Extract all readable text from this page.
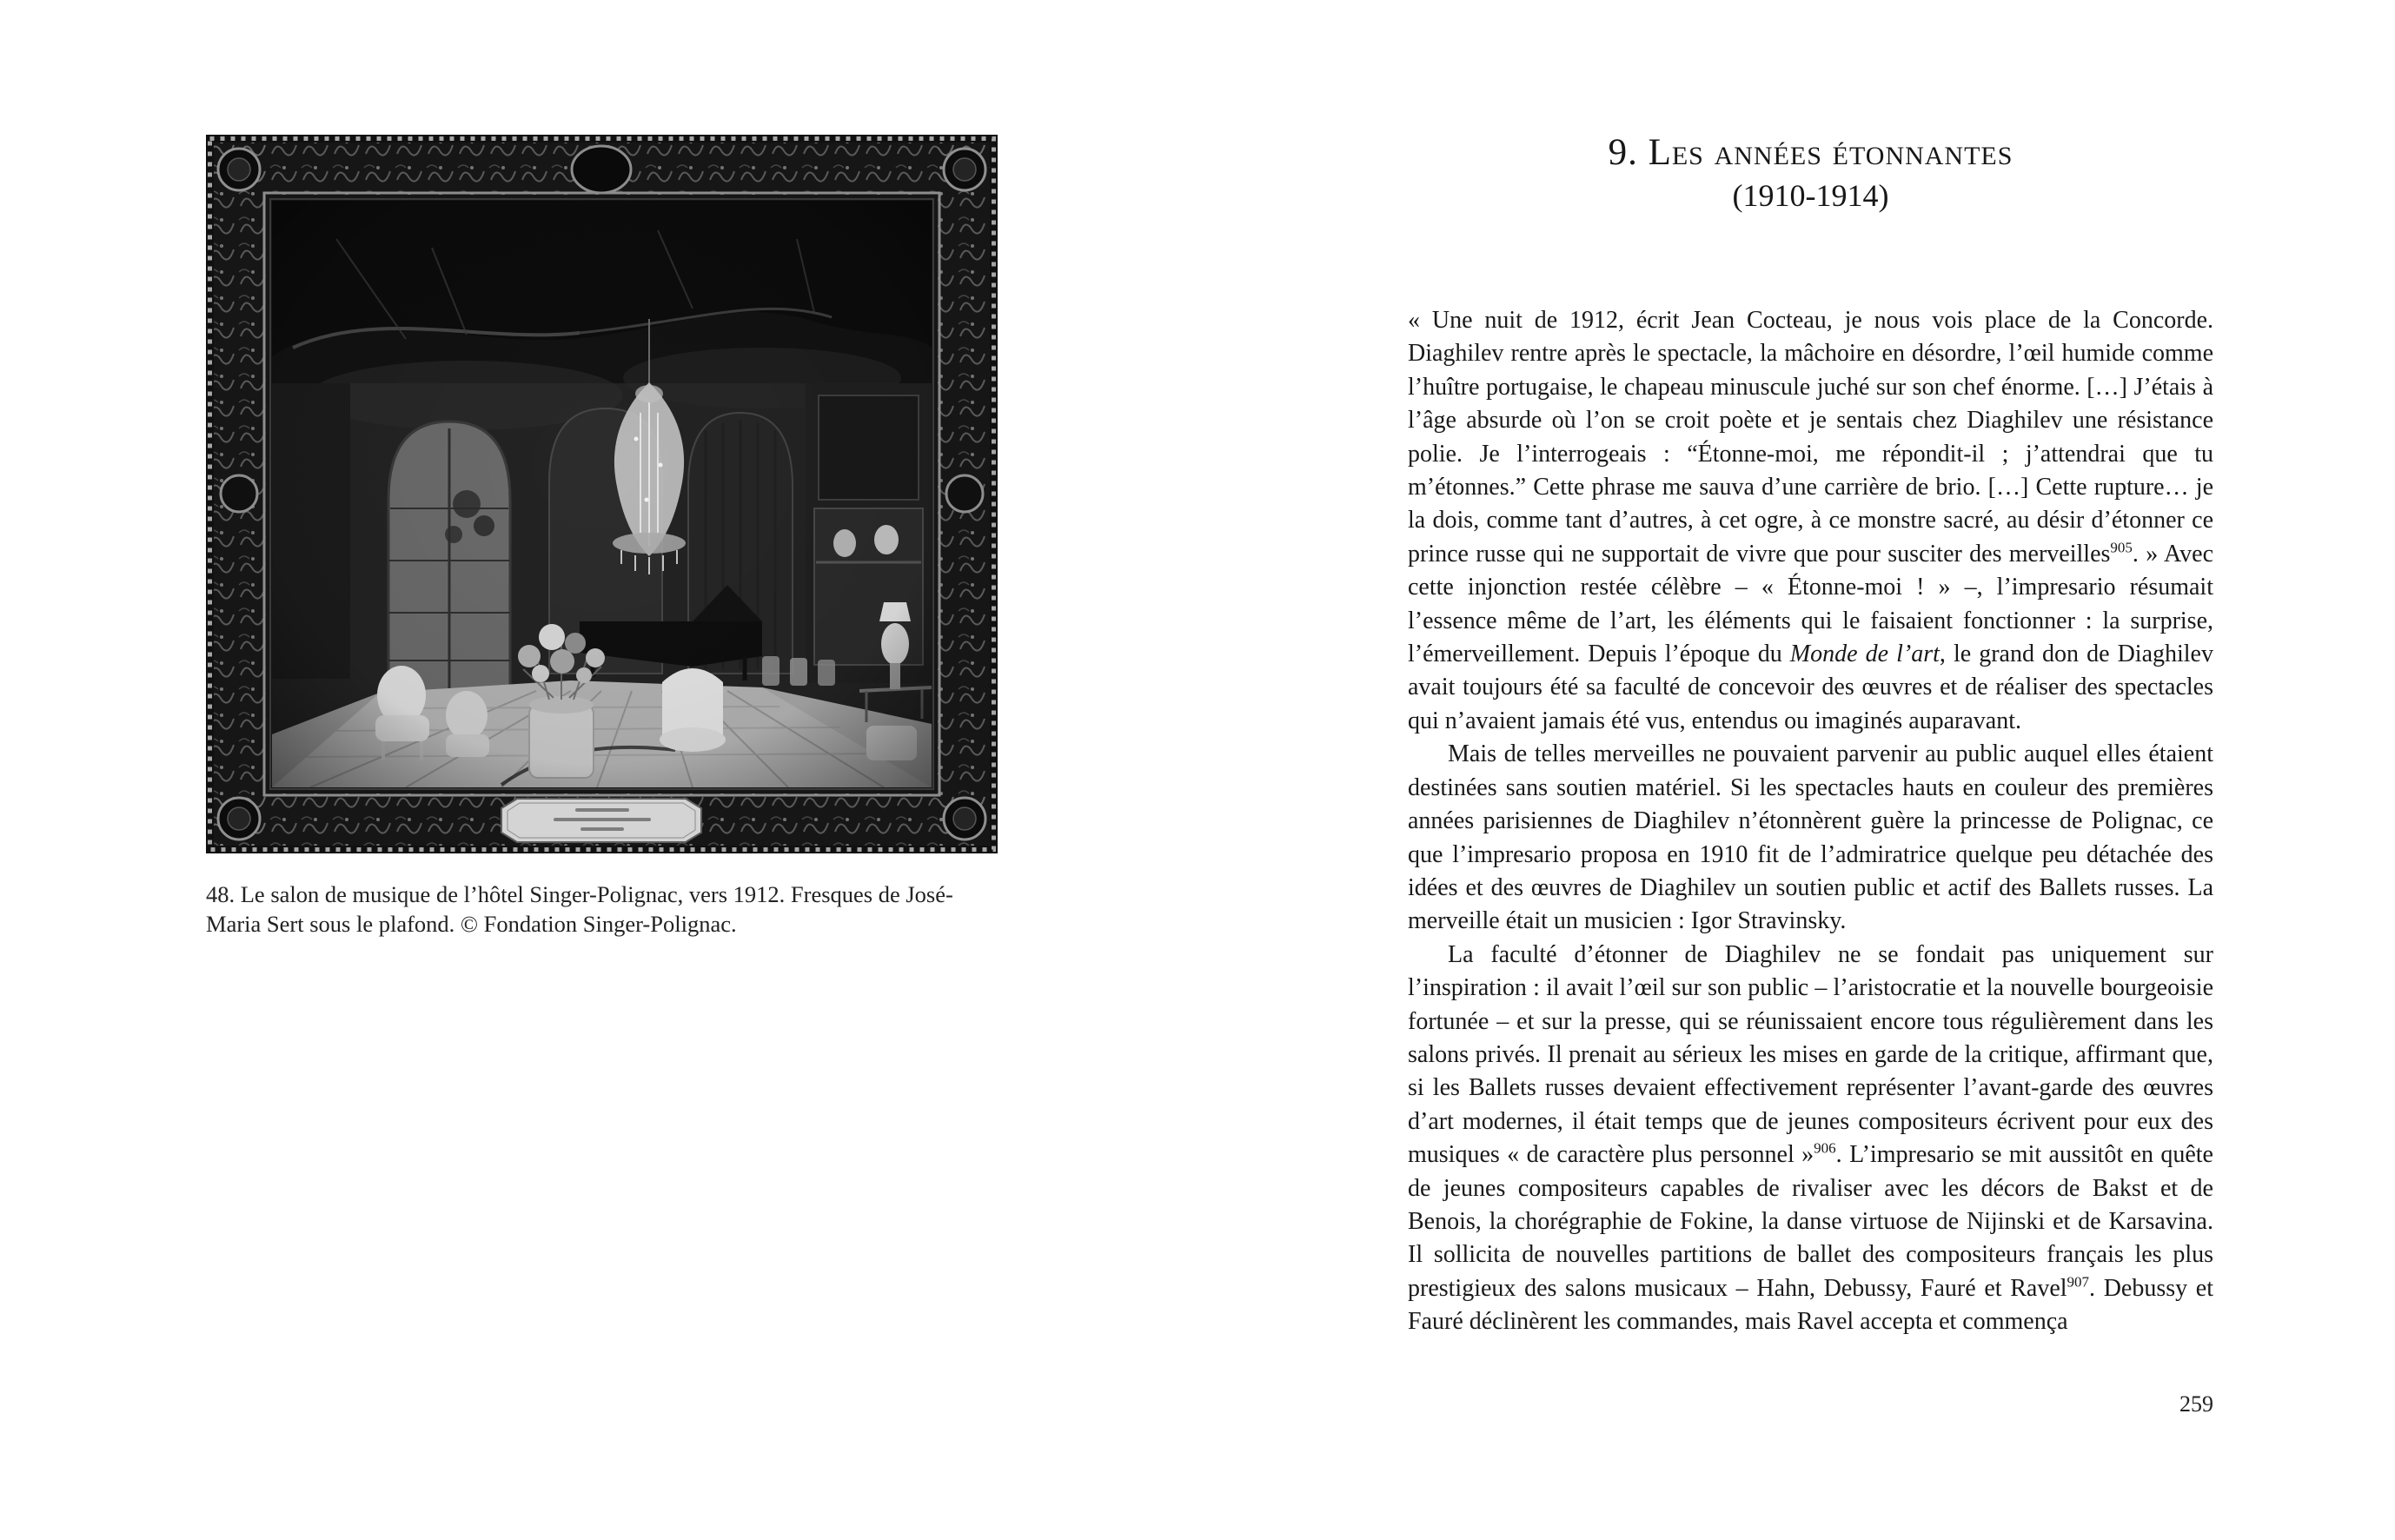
48. Le salon de musique de l’hôtel Singer-Polignac, vers 1912. Fresques de José-Maria Sert sous le plafond. © Fondation Singer-Polignac.
9. Les années étonnantes
(1910-1914)

« Une nuit de 1912, écrit Jean Cocteau, je nous vois place de la Concorde. Diaghilev rentre après le spectacle, la mâchoire en désordre, l’œil humide comme l’huître portugaise, le chapeau minuscule juché sur son chef énorme. […] J’étais à l’âge absurde où l’on se croit poète et je sentais chez Diaghilev une résistance polie. Je l’interrogeais : “Étonne-moi, me répondit-il ; j’attendrai que tu m’étonnes.” Cette phrase me sauva d’une carrière de brio. […] Cette rupture… je la dois, comme tant d’autres, à cet ogre, à ce monstre sacré, au désir d’étonner ce prince russe qui ne supportait de vivre que pour susciter des merveilles$^{905}$. » Avec cette injonction restée célèbre – « Étonne-moi ! » –, l’impresario résumait l’essence même de l’art, les éléments qui le faisaient fonctionner : la surprise, l’émerveillement. Depuis l’époque du Monde de l’art, le grand don de Diaghilev avait toujours été sa faculté de concevoir des œuvres et de réaliser des spectacles qui n’avaient jamais été vus, entendus ou imaginés auparavant.

Mais de telles merveilles ne pouvaient parvenir au public auquel elles étaient destinées sans soutien matériel. Si les spectacles hauts en couleur des premières années parisiennes de Diaghilev n’étonnèrent guère la princesse de Polignac, ce que l’impresario proposa en 1910 fit de l’admiratrice quelque peu détachée des idées et des œuvres de Diaghilev un soutien public et actif des Ballets russes. La merveille était un musicien : Igor Stravinsky.

La faculté d’étonner de Diaghilev ne se fondait pas uniquement sur l’inspiration : il avait l’œil sur son public – l’aristocratie et la nouvelle bourgeoisie fortunée – et sur la presse, qui se réunissaient encore tous régulièrement dans les salons privés. Il prenait au sérieux les mises en garde de la critique, affirmant que, si les Ballets russes devaient effectivement représenter l’avant-garde des œuvres d’art modernes, il était temps que de jeunes compositeurs écrivent pour eux des musiques « de caractère plus personnel »$^{906}$. L’impresario se mit aussitôt en quête de jeunes compositeurs capables de rivaliser avec les décors de Bakst et de Benois, la chorégraphie de Fokine, la danse virtuose de Nijinski et de Karsavina. Il sollicita de nouvelles partitions de ballet des compositeurs français les plus prestigieux des salons musicaux – Hahn, Debussy, Fauré et Ravel$^{907}$. Debussy et Fauré déclinèrent les commandes, mais Ravel accepta et commença

259
